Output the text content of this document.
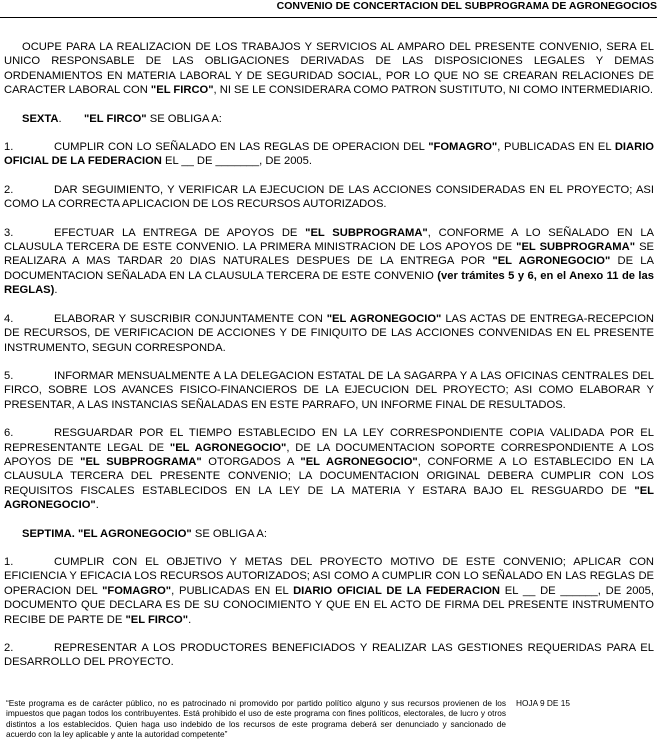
CONVENIO DE CONCERTACION DEL SUBPROGRAMA DE AGRONEGOCIOS

OCUPE PARA LA REALIZACION DE LOS TRABAJOS Y SERVICIOS AL AMPARO DEL PRESENTE CONVENIO, SERA EL UNICO RESPONSABLE DE LAS OBLIGACIONES DERIVADAS DE LAS DISPOSICIONES LEGALES Y DEMAS ORDENAMIENTOS EN MATERIA LABORAL Y DE SEGURIDAD SOCIAL, POR LO QUE NO SE CREARAN RELACIONES DE CARACTER LABORAL CON "EL FIRCO", NI SE LE CONSIDERARA COMO PATRON SUSTITUTO, NI COMO INTERMEDIARIO.

SEXTA. "EL FIRCO" SE OBLIGA A:

1.	CUMPLIR CON LO SEÑALADO EN LAS REGLAS DE OPERACION DEL "FOMAGRO", PUBLICADAS EN EL DIARIO OFICIAL DE LA FEDERACION EL __ DE _______, DE 2005.

2.	DAR SEGUIMIENTO, Y VERIFICAR LA EJECUCION DE LAS ACCIONES CONSIDERADAS EN EL PROYECTO; ASI COMO LA CORRECTA APLICACION DE LOS RECURSOS AUTORIZADOS.

3.	EFECTUAR LA ENTREGA DE APOYOS DE "EL SUBPROGRAMA", CONFORME A LO SEÑALADO EN LA CLAUSULA TERCERA DE ESTE CONVENIO. LA PRIMERA MINISTRACION DE LOS APOYOS DE "EL SUBPROGRAMA" SE REALIZARA A MAS TARDAR 20 DIAS NATURALES DESPUES DE LA ENTREGA POR "EL AGRONEGOCIO" DE LA DOCUMENTACION SEÑALADA EN LA CLAUSULA TERCERA DE ESTE CONVENIO (ver trámites 5 y 6, en el Anexo 11 de las REGLAS).

4.	ELABORAR Y SUSCRIBIR CONJUNTAMENTE CON "EL AGRONEGOCIO" LAS ACTAS DE ENTREGA-RECEPCION DE RECURSOS, DE VERIFICACION DE ACCIONES Y DE FINIQUITO DE LAS ACCIONES CONVENIDAS EN EL PRESENTE INSTRUMENTO, SEGUN CORRESPONDA.

5.	INFORMAR MENSUALMENTE A LA DELEGACION ESTATAL DE LA SAGARPA Y A LAS OFICINAS CENTRALES DEL FIRCO, SOBRE LOS AVANCES FISICO-FINANCIEROS DE LA EJECUCION DEL PROYECTO; ASI COMO ELABORAR Y PRESENTAR, A LAS INSTANCIAS SEÑALADAS EN ESTE PARRAFO, UN INFORME FINAL DE RESULTADOS.

6.	RESGUARDAR POR EL TIEMPO ESTABLECIDO EN LA LEY CORRESPONDIENTE COPIA VALIDADA POR EL REPRESENTANTE LEGAL DE "EL AGRONEGOCIO", DE LA DOCUMENTACION SOPORTE CORRESPONDIENTE A LOS APOYOS DE "EL SUBPROGRAMA" OTORGADOS A "EL AGRONEGOCIO", CONFORME A LO ESTABLECIDO EN LA CLAUSULA TERCERA DEL PRESENTE CONVENIO; LA DOCUMENTACION ORIGINAL DEBERA CUMPLIR CON LOS REQUISITOS FISCALES ESTABLECIDOS EN LA LEY DE LA MATERIA Y ESTARA BAJO EL RESGUARDO DE "EL AGRONEGOCIO".

SEPTIMA. "EL AGRONEGOCIO" SE OBLIGA A:

1.	CUMPLIR CON EL OBJETIVO Y METAS DEL PROYECTO MOTIVO DE ESTE CONVENIO; APLICAR CON EFICIENCIA Y EFICACIA LOS RECURSOS AUTORIZADOS; ASI COMO A CUMPLIR CON LO SEÑALADO EN LAS REGLAS DE OPERACION DEL "FOMAGRO", PUBLICADAS EN EL DIARIO OFICIAL DE LA FEDERACION EL __ DE ______, DE 2005, DOCUMENTO QUE DECLARA ES DE SU CONOCIMIENTO Y QUE EN EL ACTO DE FIRMA DEL PRESENTE INSTRUMENTO RECIBE DE PARTE DE "EL FIRCO".

2.	REPRESENTAR A LOS PRODUCTORES BENEFICIADOS Y REALIZAR LAS GESTIONES REQUERIDAS PARA EL DESARROLLO DEL PROYECTO.

“Este programa es de carácter público, no es patrocinado ni promovido por partido político alguno y sus recursos provienen de los impuestos que pagan todos los contribuyentes. Está prohibido el uso de este programa con fines políticos, electorales, de lucro y otros distintos a los establecidos. Quien haga uso indebido de los recursos de este programa deberá ser denunciado y sancionado de acuerdo con la ley aplicable y ante la autoridad competente”
HOJA 9 DE 15
